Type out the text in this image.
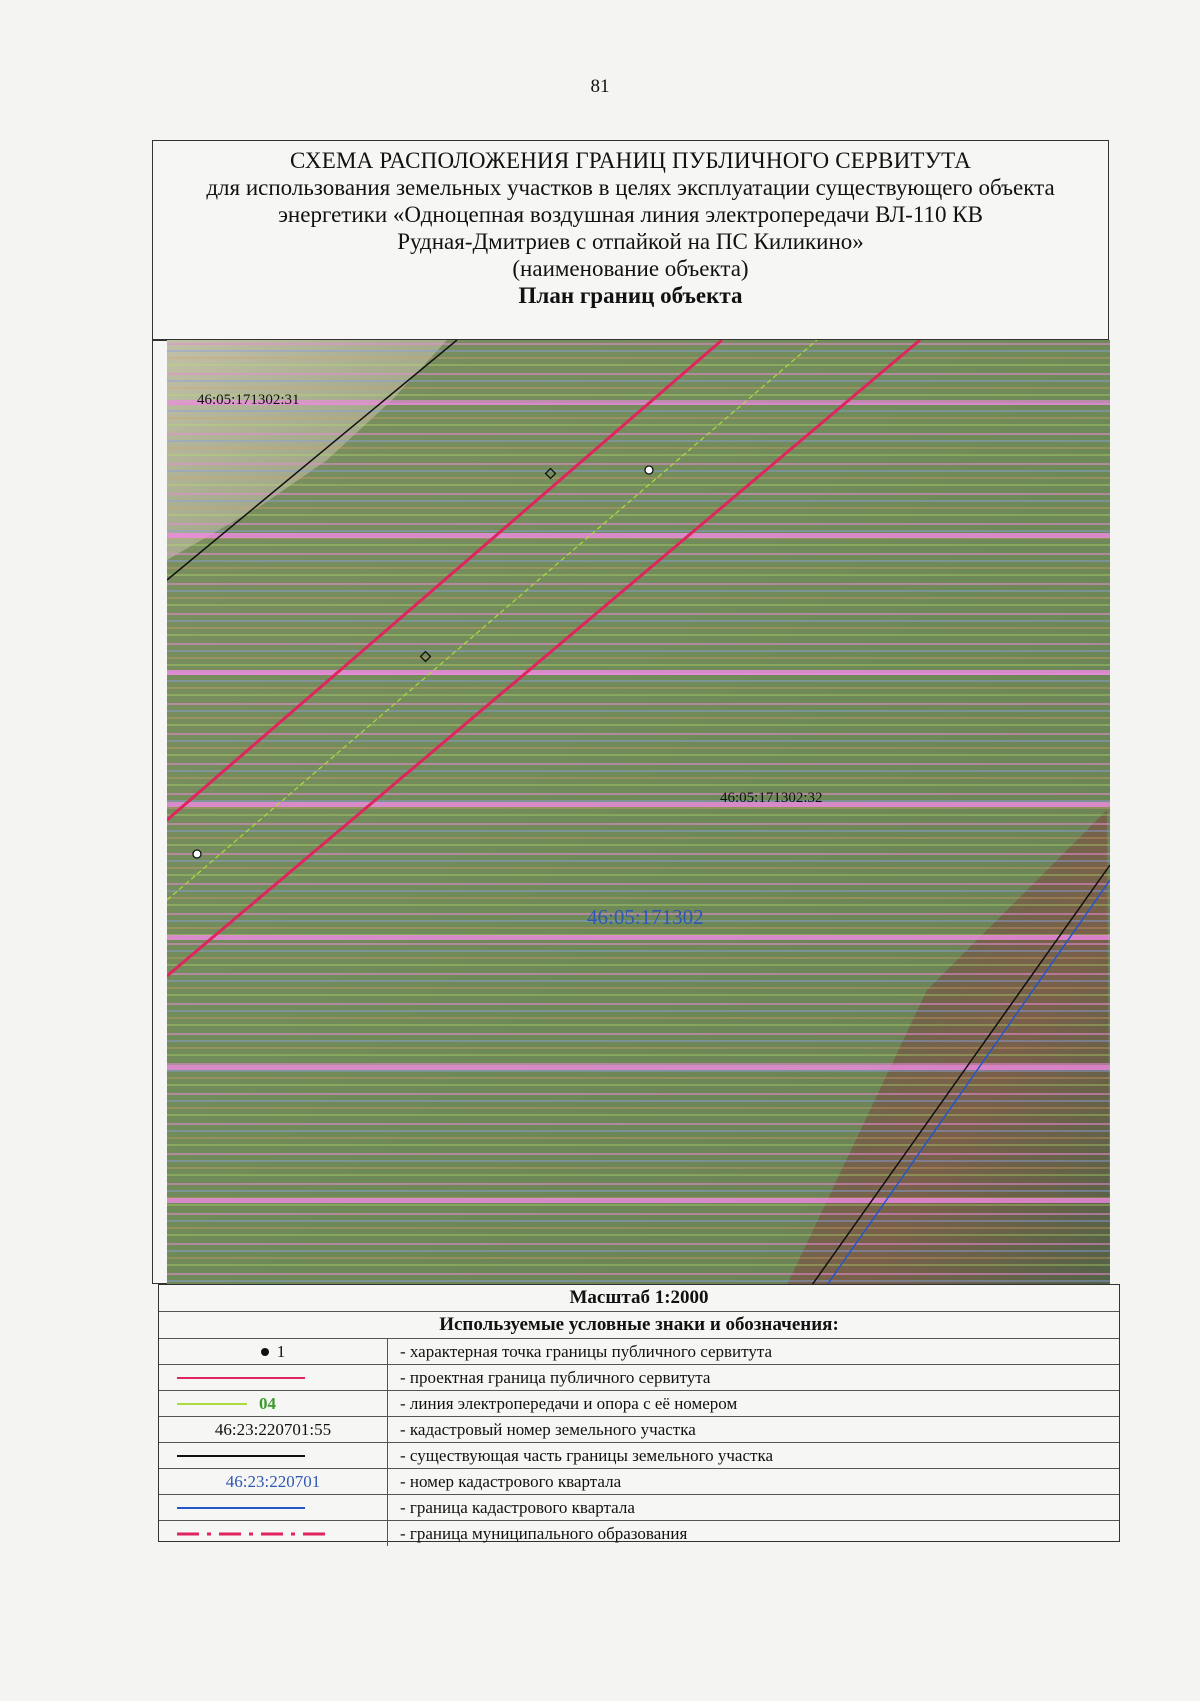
81
СХЕМА РАСПОЛОЖЕНИЯ ГРАНИЦ ПУБЛИЧНОГО СЕРВИТУТА
для использования земельных участков в целях эксплуатации существующего объекта
энергетики «Одноцепная воздушная линия электропередачи ВЛ-110 КВ
Рудная-Дмитриев с отпайкой на ПС Киликино»
(наименование объекта)
План границ объекта
46:05:171302:31
46:05:171302:32
46:05:171302
Масштаб 1:2000
Используемые условные знаки и обозначения:
1	- характерная точка границы публичного сервитута
- проектная граница публичного сервитута
04	- линия электропередачи и опора с её номером
46:23:220701:55	- кадастровый номер земельного участка
- существующая часть границы земельного участка
46:23:220701	- номер кадастрового квартала
- граница кадастрового квартала
- граница муниципального образования
